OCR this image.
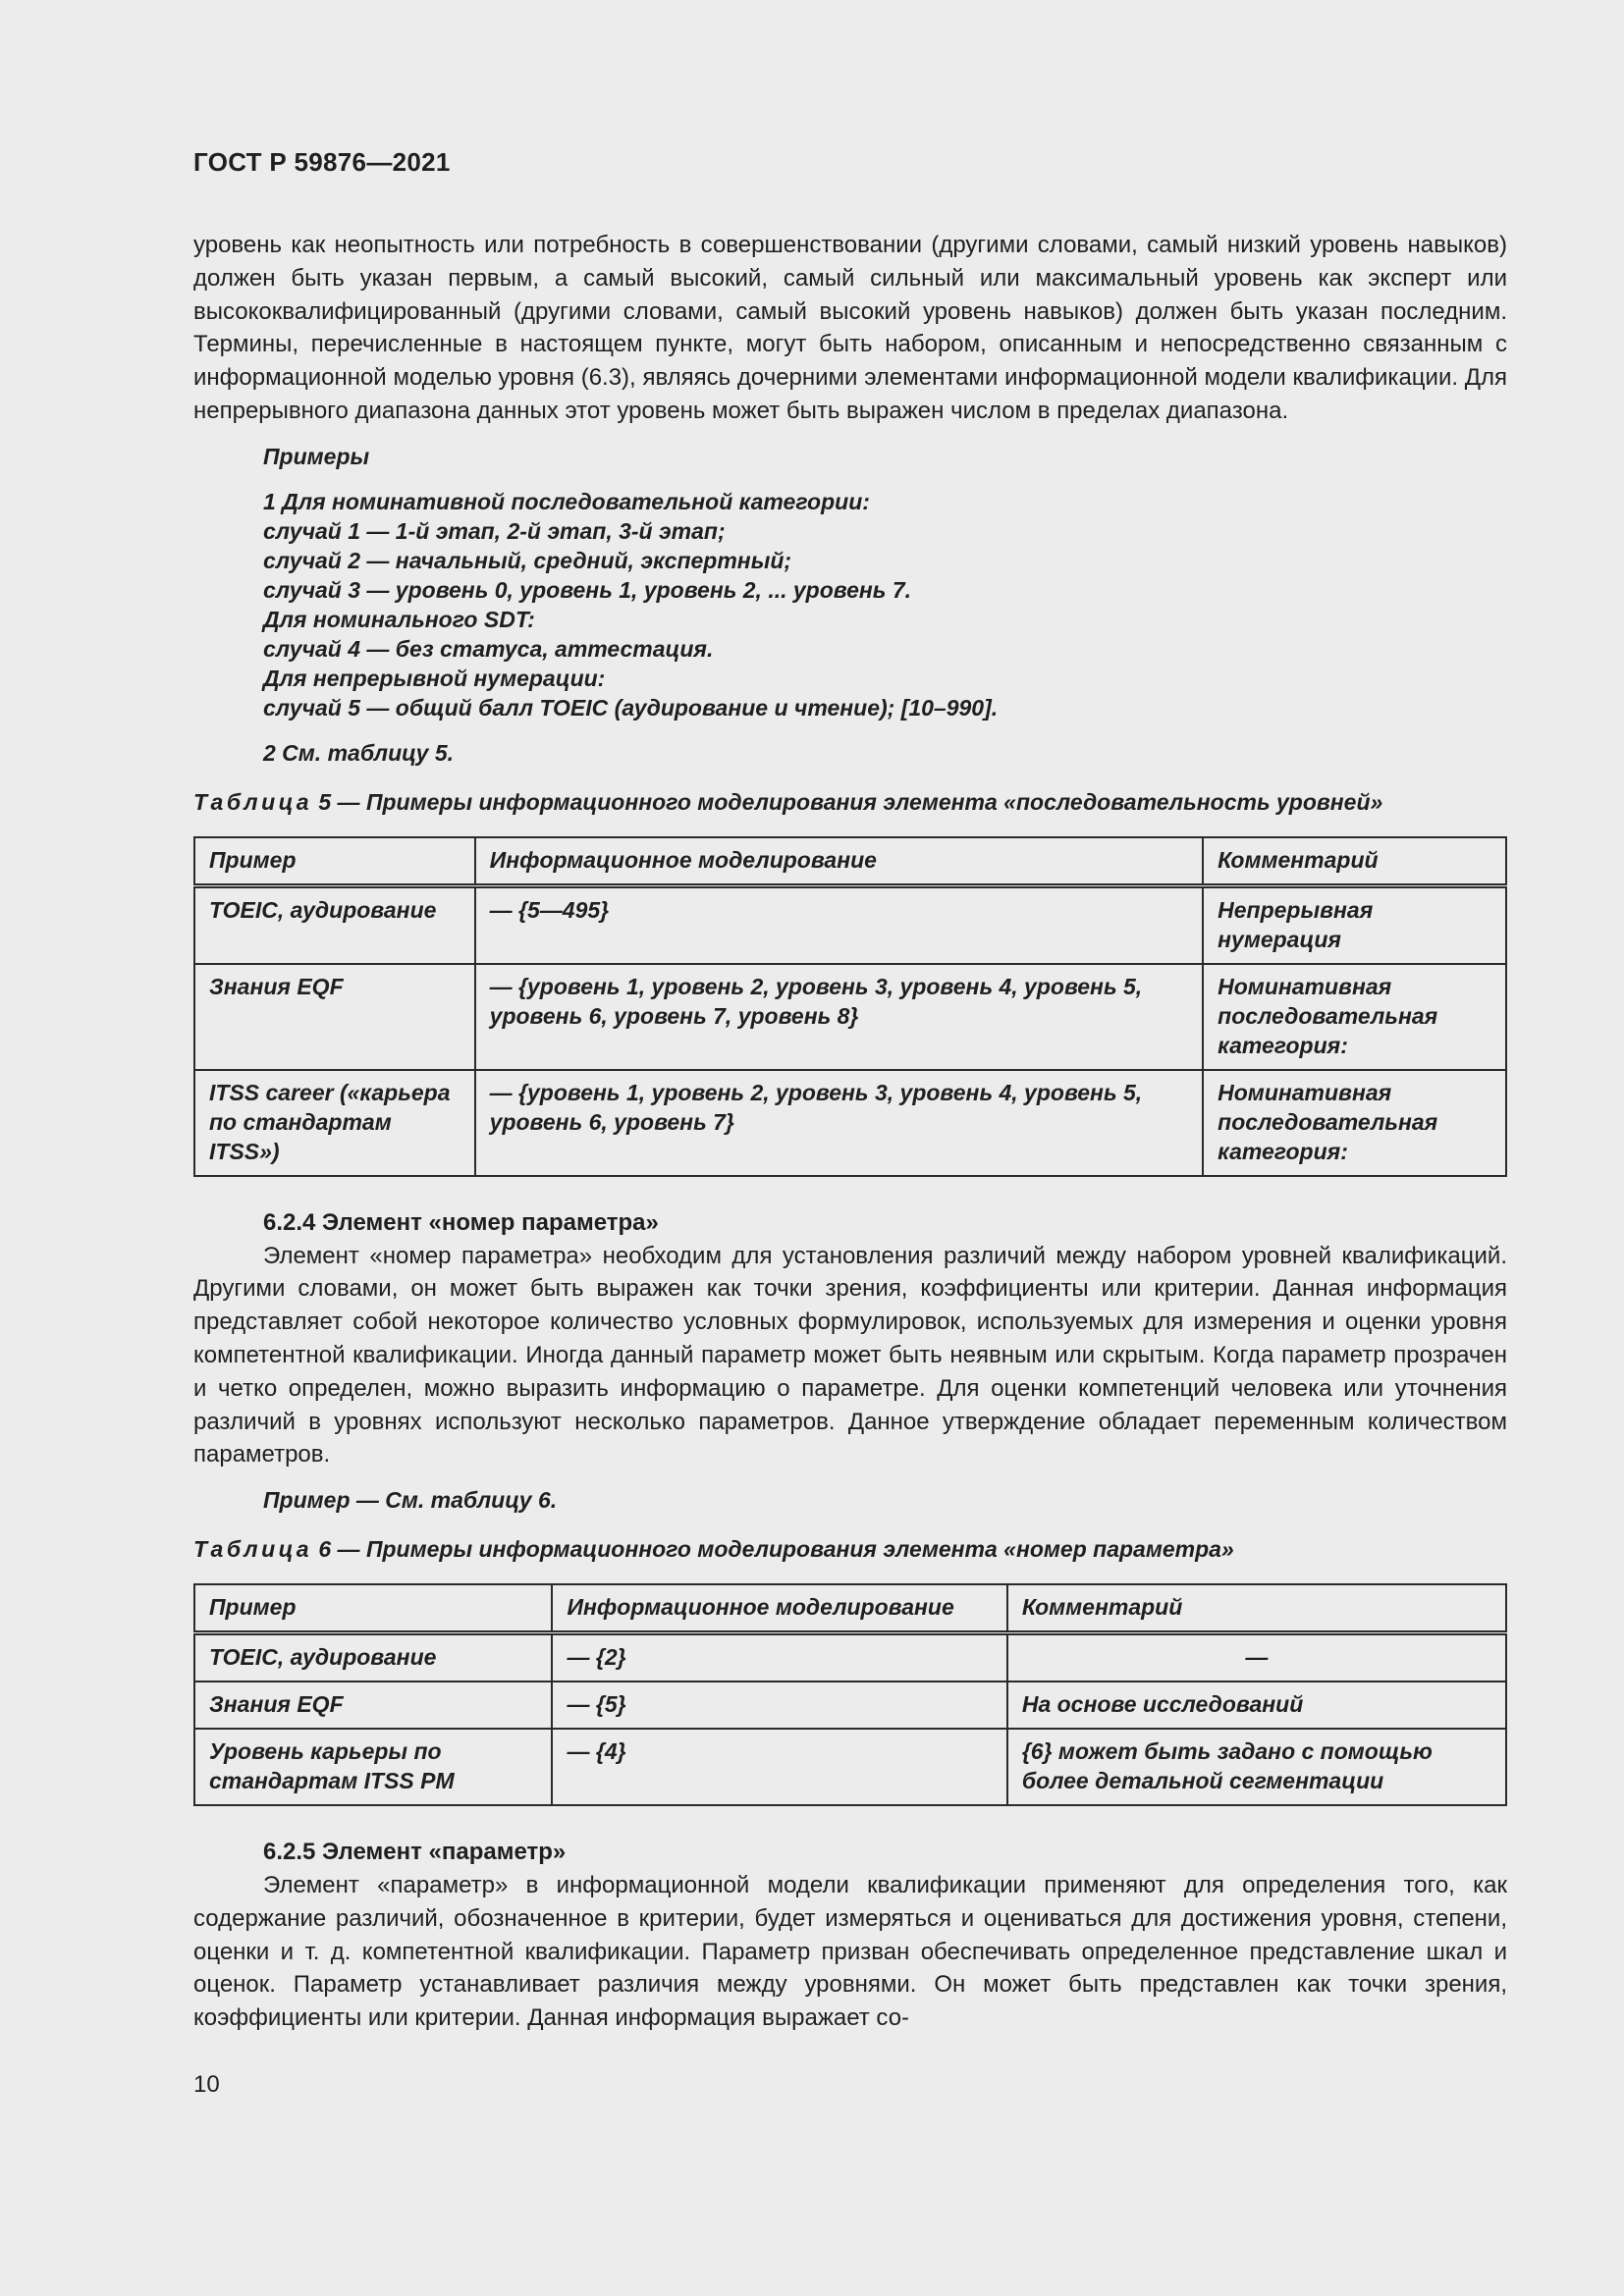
ГОСТ Р 59876—2021

уровень как неопытность или потребность в совершенствовании (другими словами, самый низкий уровень навыков) должен быть указан первым, а самый высокий, самый сильный или максимальный уровень как эксперт или высококвалифицированный (другими словами, самый высокий уровень навыков) должен быть указан последним. Термины, перечисленные в настоящем пункте, могут быть набором, описанным и непосредственно связанным с информационной моделью уровня (6.3), являясь дочерними элементами информационной модели квалификации. Для непрерывного диапазона данных этот уровень может быть выражен числом в пределах диапазона.

Примеры

1 Для номинативной последовательной категории:

случай 1 — 1-й этап, 2-й этап, 3-й этап;

случай 2 — начальный, средний, экспертный;

случай 3 — уровень 0, уровень 1, уровень 2, ... уровень 7.

Для номинального SDT:

случай 4 — без статуса, аттестация.

Для непрерывной нумерации:

случай 5 — общий балл TOEIC (аудирование и чтение); [10–990].

2 См. таблицу 5.

Таблица 5 — Примеры информационного моделирования элемента «последовательность уровней»

Пример	Информационное моделирование	Комментарий
TOEIC, аудирование	— {5—495}	Непрерывная нумерация
Знания EQF	— {уровень 1, уровень 2, уровень 3, уровень 4, уровень 5, уровень 6, уровень 7, уровень 8}	Номинативная последовательная категория:
ITSS career («карьера по стандартам ITSS»)	— {уровень 1, уровень 2, уровень 3, уровень 4, уровень 5, уровень 6, уровень 7}	Номинативная последовательная категория:

6.2.4 Элемент «номер параметра»

Элемент «номер параметра» необходим для установления различий между набором уровней квалификаций. Другими словами, он может быть выражен как точки зрения, коэффициенты или критерии. Данная информация представляет собой некоторое количество условных формулировок, используемых для измерения и оценки уровня компетентной квалификации. Иногда данный параметр может быть неявным или скрытым. Когда параметр прозрачен и четко определен, можно выразить информацию о параметре. Для оценки компетенций человека или уточнения различий в уровнях используют несколько параметров. Данное утверждение обладает переменным количеством параметров.

Пример — См. таблицу 6.

Таблица 6 — Примеры информационного моделирования элемента «номер параметра»

Пример	Информационное моделирование	Комментарий
TOEIC, аудирование	— {2}	—
Знания EQF	— {5}	На основе исследований
Уровень карьеры по стандартам ITSS PM	— {4}	{6} может быть задано с помощью более детальной сегментации

6.2.5 Элемент «параметр»

Элемент «параметр» в информационной модели квалификации применяют для определения того, как содержание различий, обозначенное в критерии, будет измеряться и оцениваться для достижения уровня, степени, оценки и т. д. компетентной квалификации. Параметр призван обеспечивать определенное представление шкал и оценок. Параметр устанавливает различия между уровнями. Он может быть представлен как точки зрения, коэффициенты или критерии. Данная информация выражает со-

10
